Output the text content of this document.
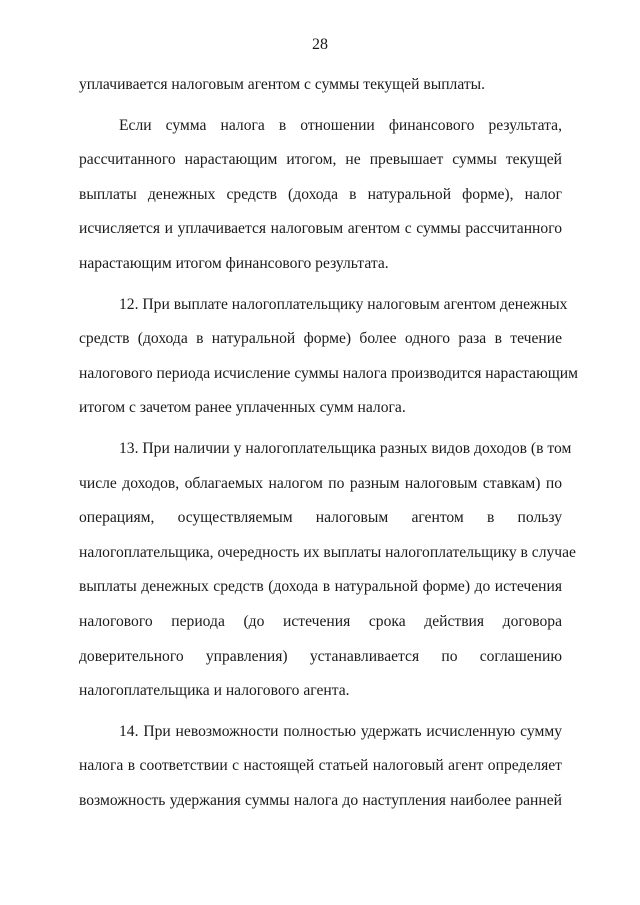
28
уплачивается налоговым агентом с суммы текущей выплаты.
Если сумма налога в отношении финансового результата,
рассчитанного нарастающим итогом, не превышает суммы текущей
выплаты денежных средств (дохода в натуральной форме), налог
исчисляется и уплачивается налоговым агентом с суммы рассчитанного
нарастающим итогом финансового результата.
12. При выплате налогоплательщику налоговым агентом денежных
средств (дохода в натуральной форме) более одного раза в течение
налогового периода исчисление суммы налога производится нарастающим
итогом с зачетом ранее уплаченных сумм налога.
13. При наличии у налогоплательщика разных видов доходов (в том
числе доходов, облагаемых налогом по разным налоговым ставкам) по
операциям, осуществляемым налоговым агентом в пользу
налогоплательщика, очередность их выплаты налогоплательщику в случае
выплаты денежных средств (дохода в натуральной форме) до истечения
налогового периода (до истечения срока действия договора
доверительного управления) устанавливается по соглашению
налогоплательщика и налогового агента.
14. При невозможности полностью удержать исчисленную сумму
налога в соответствии с настоящей статьей налоговый агент определяет
возможность удержания суммы налога до наступления наиболее ранней
